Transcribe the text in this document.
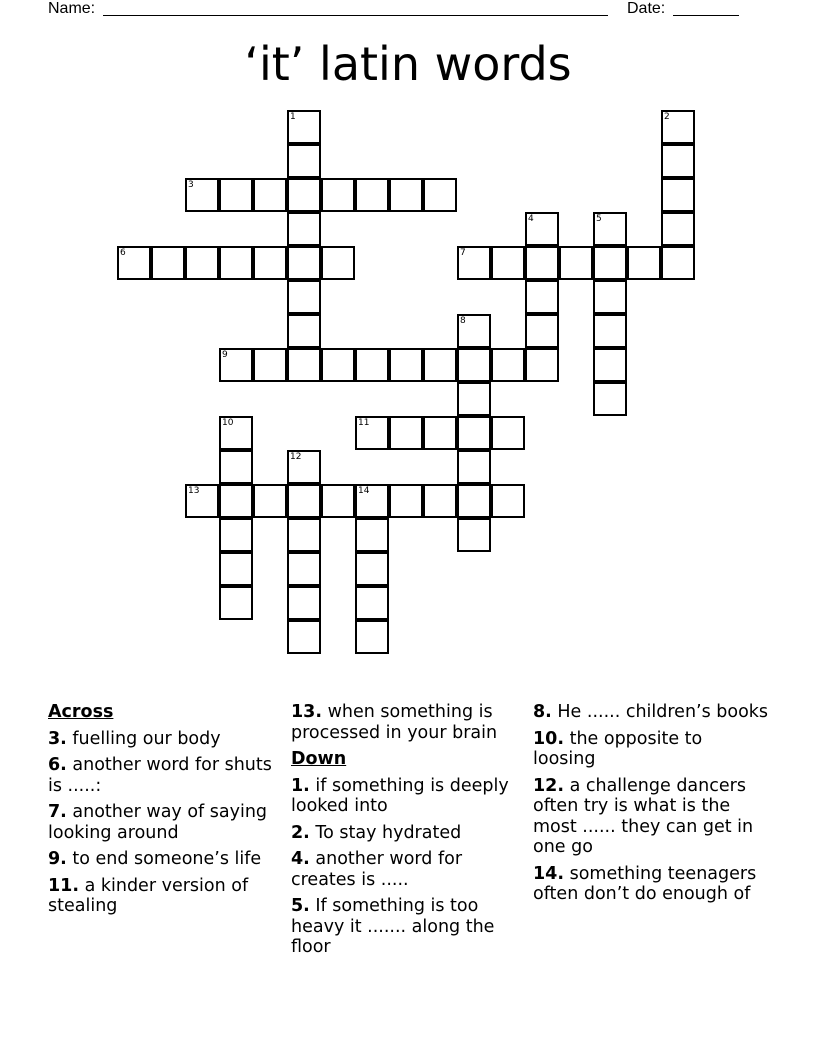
Name:	Date:
‘it’ latin words
1	2
3
4	5
6	7
8
9
10	11
12
13	14
Across
3. fuelling our body
6. another word for shuts is .....:
7. another way of saying looking around
9. to end someone’s life
11. a kinder version of stealing
13. when something is processed in your brain
Down
1. if something is deeply looked into
2. To stay hydrated
4. another word for creates is .....
5. If something is too heavy it ....... along the floor
8. He ...... children’s books
10. the opposite to loosing
12. a challenge dancers often try is what is the most ...... they can get in one go
14. something teenagers often don’t do enough of
